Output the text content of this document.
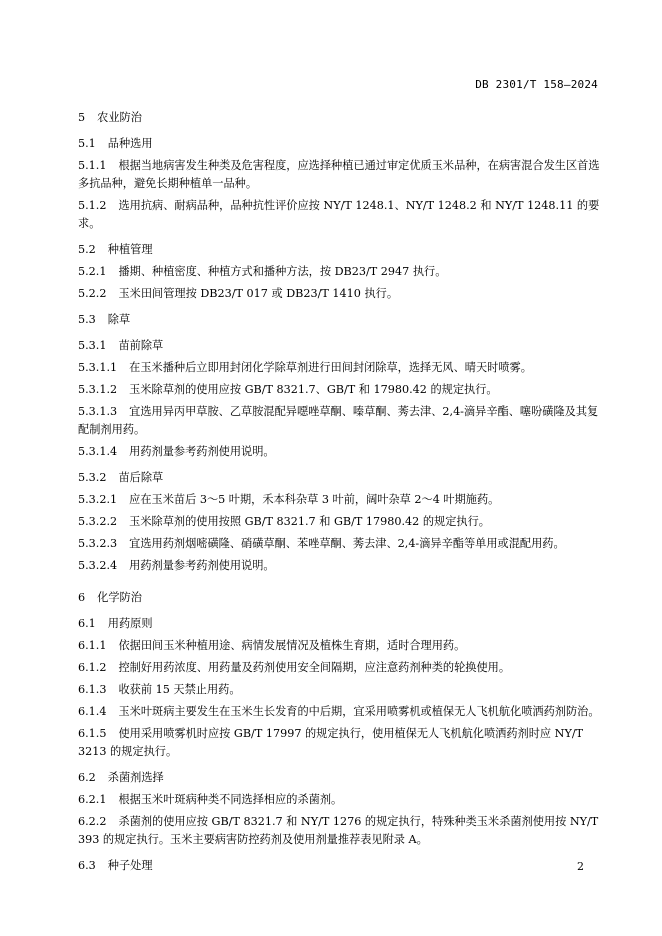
DB 2301/T 158—2024
5 农业防治
5.1 品种选用
5.1.1 根据当地病害发生种类及危害程度，应选择种植已通过审定优质玉米品种，在病害混合发生区首选多抗品种，避免长期种植单一品种。
5.1.2 选用抗病、耐病品种，品种抗性评价应按 NY/T 1248.1、NY/T 1248.2 和 NY/T 1248.11 的要求。
5.2 种植管理
5.2.1 播期、种植密度、种植方式和播种方法，按 DB23/T 2947 执行。
5.2.2 玉米田间管理按 DB23/T 017 或 DB23/T 1410 执行。
5.3 除草
5.3.1 苗前除草
5.3.1.1 在玉米播种后立即用封闭化学除草剂进行田间封闭除草，选择无风、晴天时喷雾。
5.3.1.2 玉米除草剂的使用应按 GB/T 8321.7、GB/T 和 17980.42 的规定执行。
5.3.1.3 宜选用异丙甲草胺、乙草胺混配异噁唑草酮、嗪草酮、莠去津、2,4-滴异辛酯、噻吩磺隆及其复配制剂用药。
5.3.1.4 用药剂量参考药剂使用说明。
5.3.2 苗后除草
5.3.2.1 应在玉米苗后 3～5 叶期，禾本科杂草 3 叶前，阔叶杂草 2～4 叶期施药。
5.3.2.2 玉米除草剂的使用按照 GB/T 8321.7 和 GB/T 17980.42 的规定执行。
5.3.2.3 宜选用药剂烟嘧磺隆、硝磺草酮、苯唑草酮、莠去津、2,4-滴异辛酯等单用或混配用药。
5.3.2.4 用药剂量参考药剂使用说明。
6 化学防治
6.1 用药原则
6.1.1 依据田间玉米种植用途、病情发展情况及植株生育期，适时合理用药。
6.1.2 控制好用药浓度、用药量及药剂使用安全间隔期，应注意药剂种类的轮换使用。
6.1.3 收获前 15 天禁止用药。
6.1.4 玉米叶斑病主要发生在玉米生长发育的中后期，宜采用喷雾机或植保无人飞机航化喷洒药剂防治。
6.1.5 使用采用喷雾机时应按 GB/T 17997 的规定执行，使用植保无人飞机航化喷洒药剂时应 NY/T 3213 的规定执行。
6.2 杀菌剂选择
6.2.1 根据玉米叶斑病种类不同选择相应的杀菌剂。
6.2.2 杀菌剂的使用应按 GB/T 8321.7 和 NY/T 1276 的规定执行，特殊种类玉米杀菌剂使用按 NY/T 393 的规定执行。玉米主要病害防控药剂及使用剂量推荐表见附录 A。
6.3 种子处理	2
